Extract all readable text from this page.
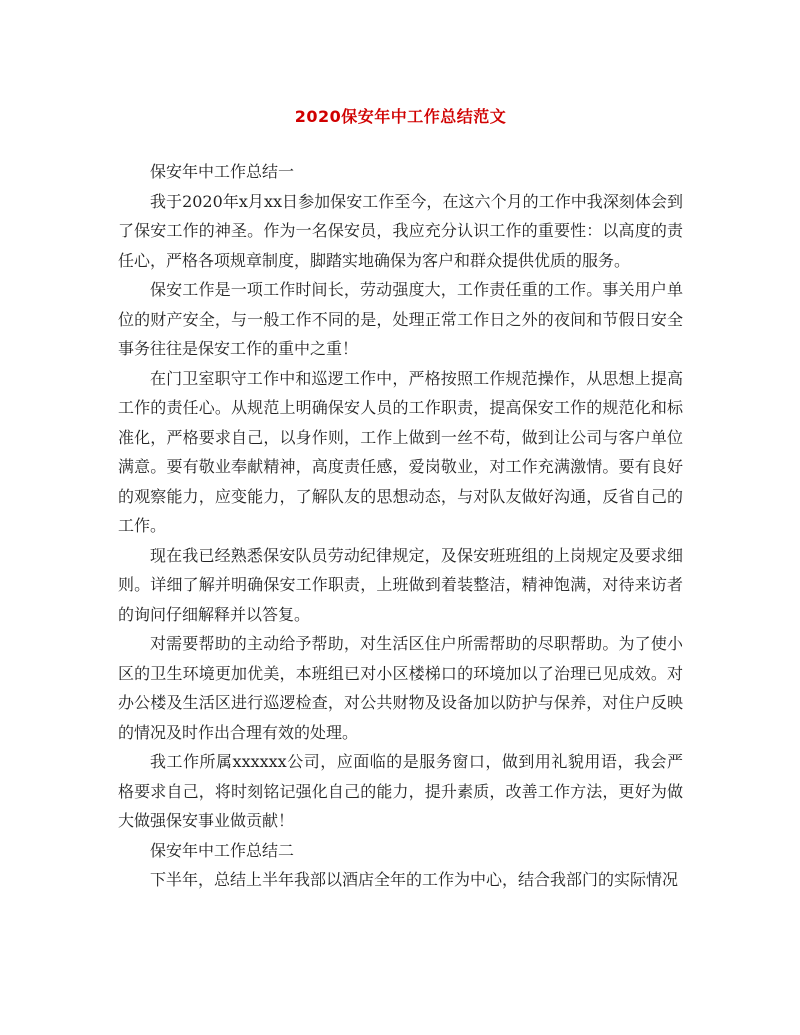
2020保安年中工作总结范文

保安年中工作总结一

我于2020年x月xx日参加保安工作至今，在这六个月的工作中我深刻体会到了保安工作的神圣。作为一名保安员，我应充分认识工作的重要性：以高度的责任心，严格各项规章制度，脚踏实地确保为客户和群众提供优质的服务。

保安工作是一项工作时间长，劳动强度大，工作责任重的工作。事关用户单位的财产安全，与一般工作不同的是，处理正常工作日之外的夜间和节假日安全事务往往是保安工作的重中之重！

在门卫室职守工作中和巡逻工作中，严格按照工作规范操作，从思想上提高工作的责任心。从规范上明确保安人员的工作职责，提高保安工作的规范化和标准化，严格要求自己，以身作则，工作上做到一丝不苟，做到让公司与客户单位满意。要有敬业奉献精神，高度责任感，爱岗敬业，对工作充满激情。要有良好的观察能力，应变能力，了解队友的思想动态，与对队友做好沟通，反省自己的工作。

现在我已经熟悉保安队员劳动纪律规定，及保安班班组的上岗规定及要求细则。详细了解并明确保安工作职责，上班做到着装整洁，精神饱满，对待来访者的询问仔细解释并以答复。

对需要帮助的主动给予帮助，对生活区住户所需帮助的尽职帮助。为了使小区的卫生环境更加优美，本班组已对小区楼梯口的环境加以了治理已见成效。对办公楼及生活区进行巡逻检查，对公共财物及设备加以防护与保养，对住户反映的情况及时作出合理有效的处理。

我工作所属xxxxxx公司，应面临的是服务窗口，做到用礼貌用语，我会严格要求自己，将时刻铭记强化自己的能力，提升素质，改善工作方法，更好为做大做强保安事业做贡献！

保安年中工作总结二

下半年，总结上半年我部以酒店全年的工作为中心，结合我部门的实际情况
